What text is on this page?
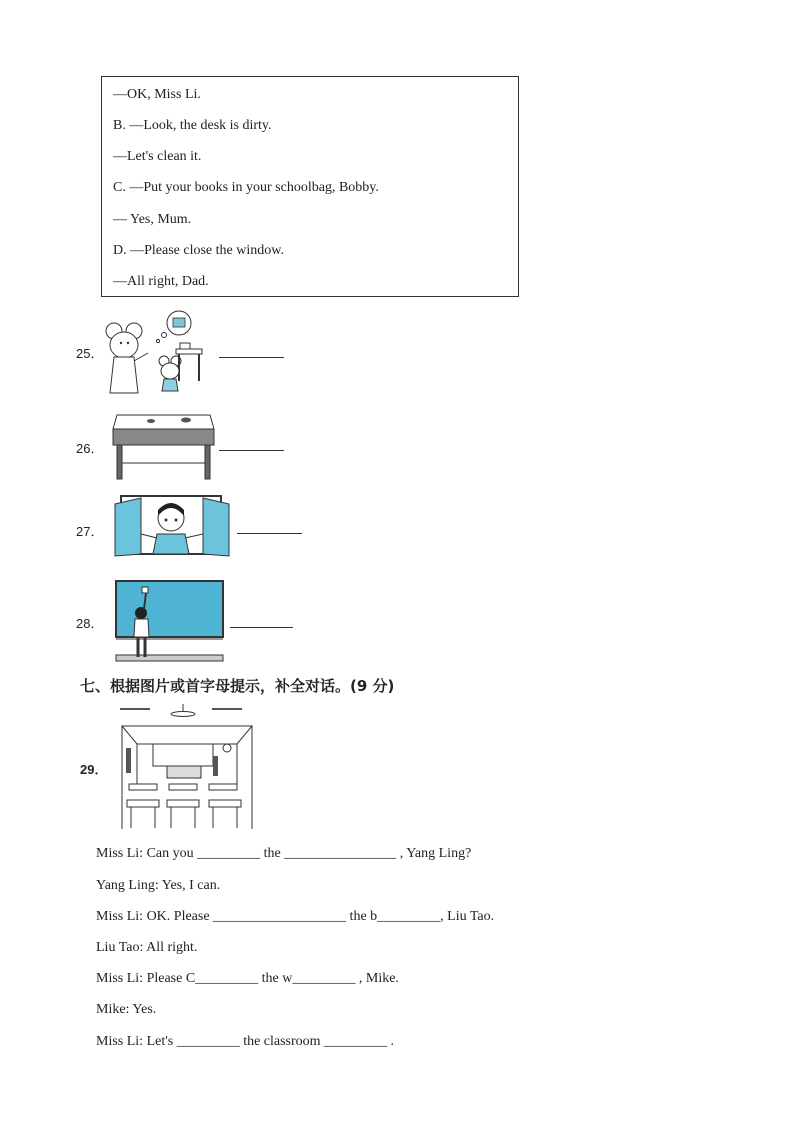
—OK, Miss Li.
B. —Look, the desk is dirty.
—Let's clean it.
C. —Put your books in your schoolbag, Bobby.
— Yes, Mum.
D. —Please close the window.
—All right, Dad.
25．
26．
27．
28．
七、根据图片或首字母提示，补全对话。(9 分)
29．
Miss Li: Can you _________ the ________________ , Yang Ling?
Yang Ling: Yes, I can.
Miss Li: OK. Please ___________________ the b_________, Liu Tao.
Liu Tao: All right.
Miss Li: Please C_________ the w_________ , Mike.
Mike: Yes.
Miss Li: Let's _________ the classroom _________ .
